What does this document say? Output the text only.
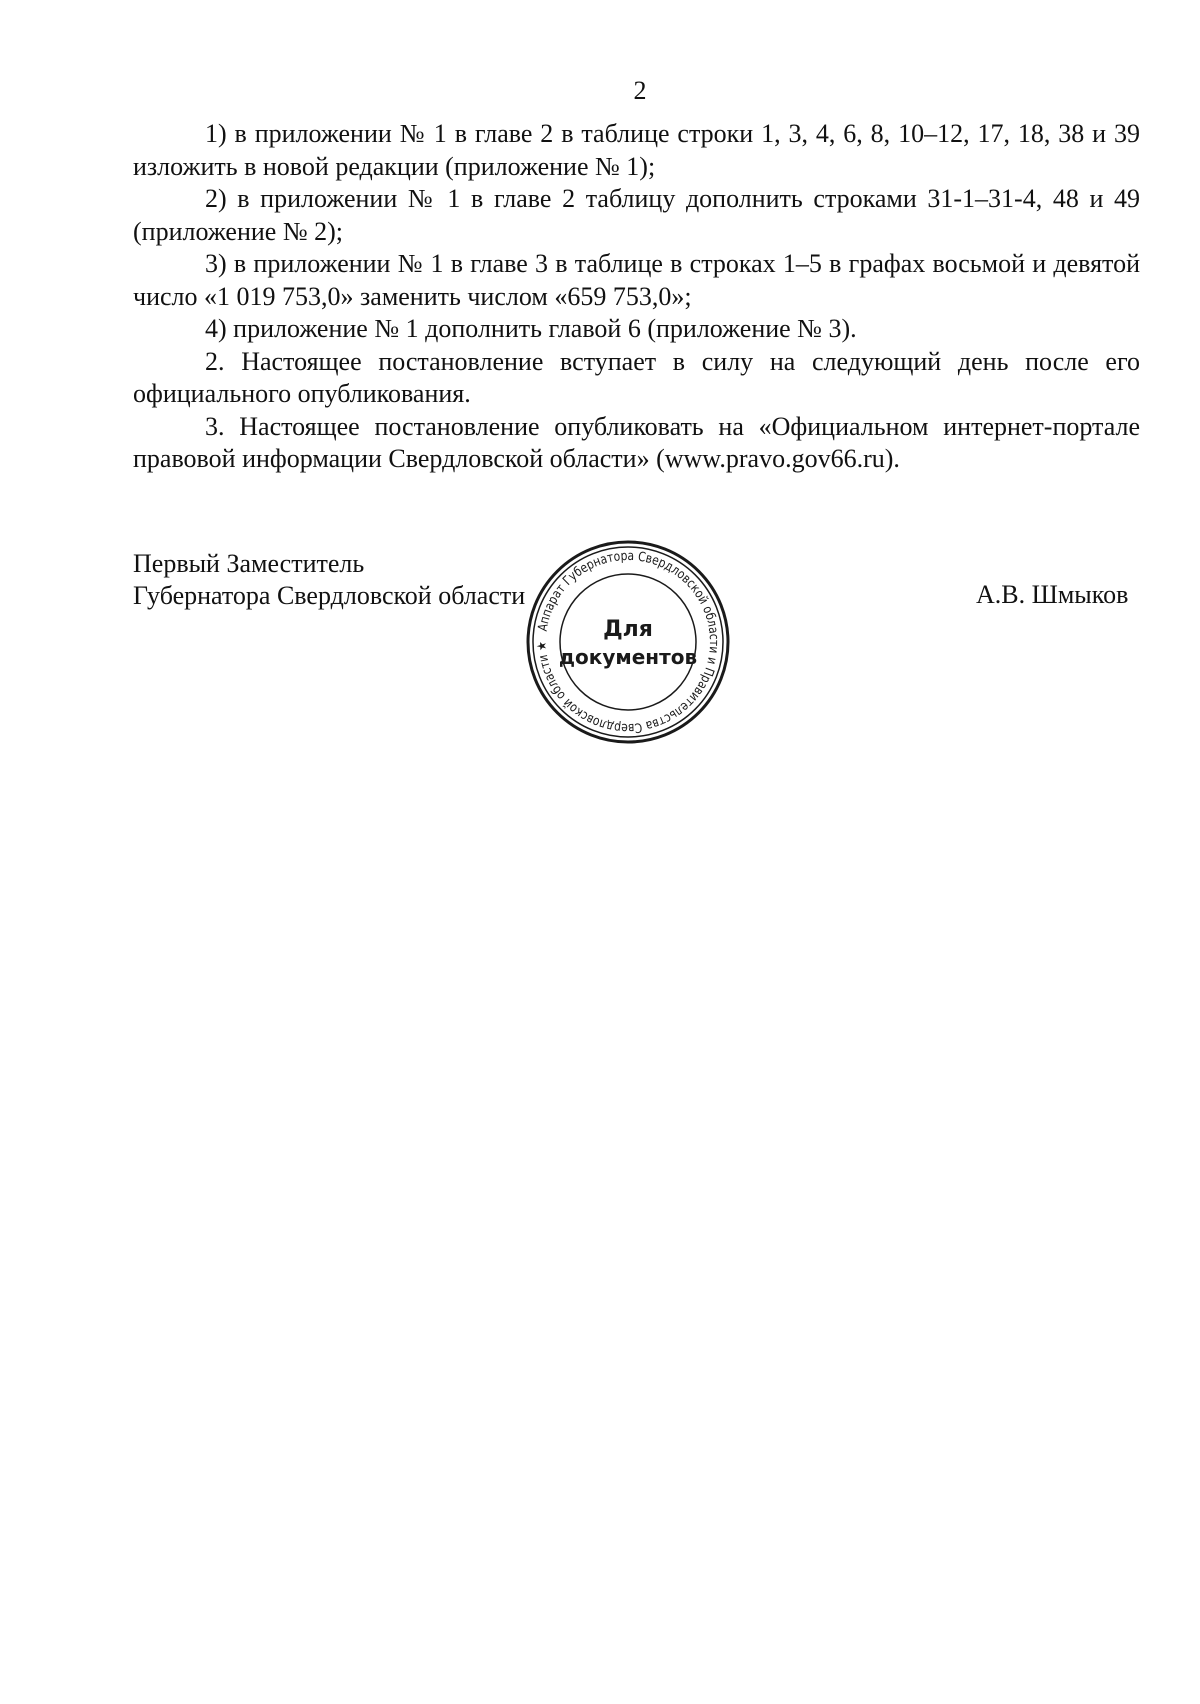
2

1) в приложении № 1 в главе 2 в таблице строки 1, 3, 4, 6, 8, 10–12, 17, 18, 38 и 39 изложить в новой редакции (приложение № 1);

2) в приложении № 1 в главе 2 таблицу дополнить строками 31-1–31-4, 48 и 49 (приложение № 2);

3) в приложении № 1 в главе 3 в таблице в строках 1–5 в графах восьмой и девятой число «1 019 753,0» заменить числом «659 753,0»;

4) приложение № 1 дополнить главой 6 (приложение № 3).

2. Настоящее постановление вступает в силу на следующий день после его официального опубликования.

3. Настоящее постановление опубликовать на «Официальном интернет-портале правовой информации Свердловской области» (www.pravo.gov66.ru).

Первый Заместитель
Губернатора Свердловской области	А.В. Шмыков
Аппарат Губернатора Свердловской области и Правительства Свердловской области ★
Для
документов
